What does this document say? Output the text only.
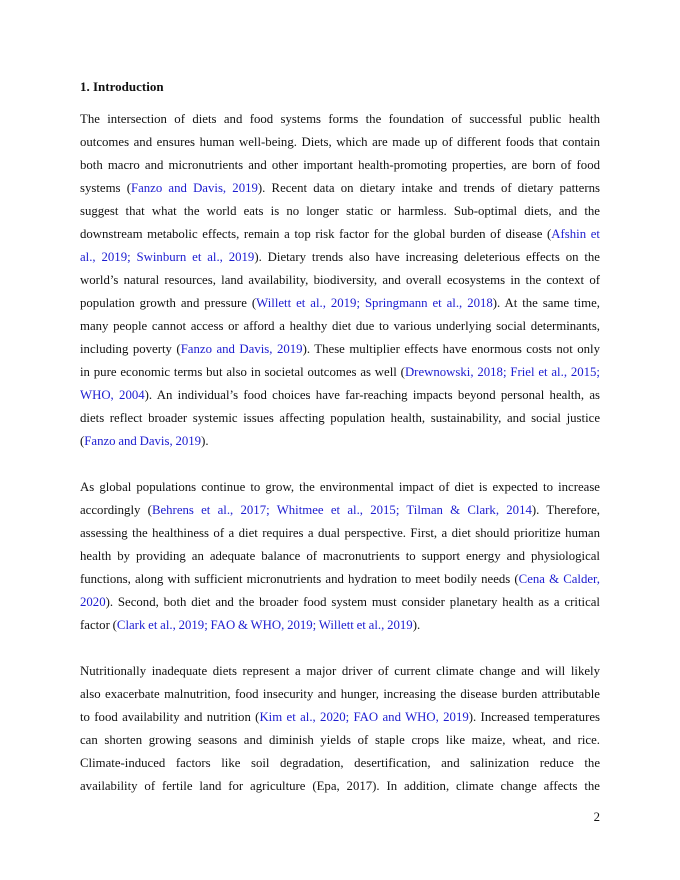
1. Introduction
The intersection of diets and food systems forms the foundation of successful public health
outcomes and ensures human well-being. Diets, which are made up of different foods that contain
both macro and micronutrients and other important health-promoting properties, are born of food
systems (Fanzo and Davis, 2019). Recent data on dietary intake and trends of dietary patterns
suggest that what the world eats is no longer static or harmless. Sub-optimal diets, and the
downstream metabolic effects, remain a top risk factor for the global burden of disease (Afshin et
al., 2019; Swinburn et al., 2019). Dietary trends also have increasing deleterious effects on the
world’s natural resources, land availability, biodiversity, and overall ecosystems in the context of
population growth and pressure (Willett et al., 2019; Springmann et al., 2018). At the same time,
many people cannot access or afford a healthy diet due to various underlying social determinants,
including poverty (Fanzo and Davis, 2019). These multiplier effects have enormous costs not only
in pure economic terms but also in societal outcomes as well (Drewnowski, 2018; Friel et al., 2015;
WHO, 2004). An individual’s food choices have far-reaching impacts beyond personal health, as
diets reflect broader systemic issues affecting population health, sustainability, and social justice
(Fanzo and Davis, 2019).
As global populations continue to grow, the environmental impact of diet is expected to increase
accordingly (Behrens et al., 2017; Whitmee et al., 2015; Tilman & Clark, 2014). Therefore,
assessing the healthiness of a diet requires a dual perspective. First, a diet should prioritize human
health by providing an adequate balance of macronutrients to support energy and physiological
functions, along with sufficient micronutrients and hydration to meet bodily needs (Cena & Calder,
2020). Second, both diet and the broader food system must consider planetary health as a critical
factor (Clark et al., 2019; FAO & WHO, 2019; Willett et al., 2019).
Nutritionally inadequate diets represent a major driver of current climate change and will likely
also exacerbate malnutrition, food insecurity and hunger, increasing the disease burden attributable
to food availability and nutrition (Kim et al., 2020; FAO and WHO, 2019). Increased temperatures
can shorten growing seasons and diminish yields of staple crops like maize, wheat, and rice.
Climate-induced factors like soil degradation, desertification, and salinization reduce the
availability of fertile land for agriculture (Epa, 2017). In addition, climate change affects the
2
